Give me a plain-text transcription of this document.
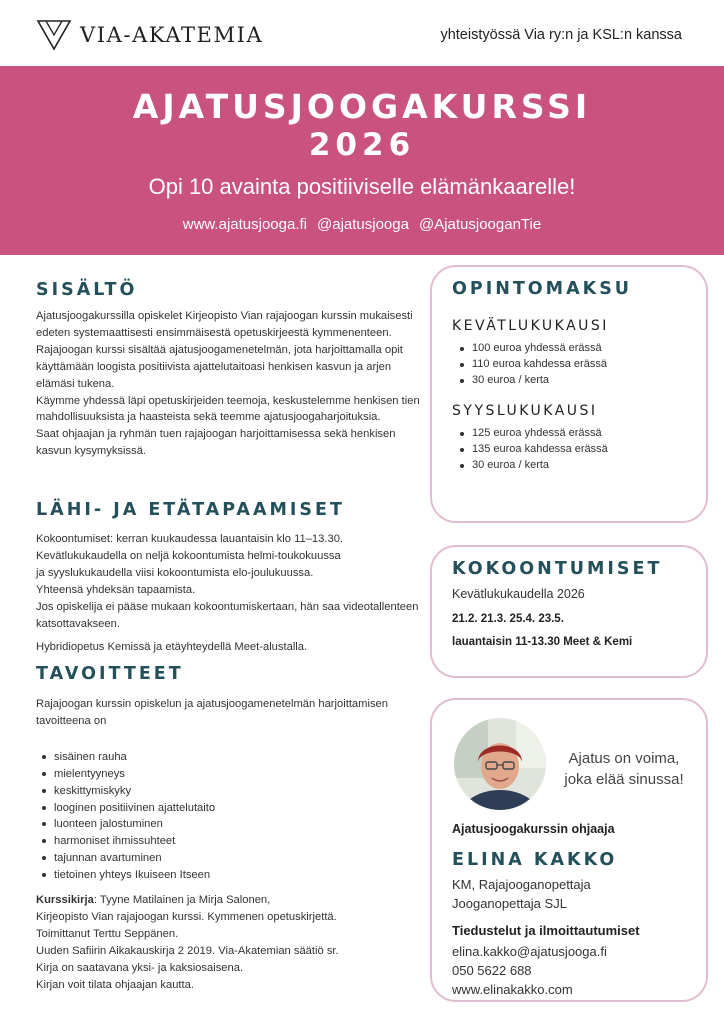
VIA-AKATEMIA	yhteistyössä Via ry:n ja KSL:n kanssa
AJATUSJOOGAKURSSI
2026
Opi 10 avainta positiiviselle elämänkaarelle!
www.ajatusjooga.fi @ajatusjooga @AjatusjooganTie
SISÄLTÖ

Ajatusjoogakurssilla opiskelet Kirjeopisto Vian rajajoogan kurssin mukaisesti edeten systemaattisesti ensimmäisestä opetuskirjeestä kymmenenteen.

Rajajoogan kurssi sisältää ajatusjoogamenetelmän, jota harjoittamalla opit käyttämään loogista positiivista ajattelutaitoasi henkisen kasvun ja arjen elämäsi tukena.

Käymme yhdessä läpi opetuskirjeiden teemoja, keskustelemme henkisen tien mahdollisuuksista ja haasteista sekä teemme ajatusjoogaharjoituksia.

Saat ohjaajan ja ryhmän tuen rajajoogan harjoittamisessa sekä henkisen kasvun kysymyksissä.

LÄHI- JA ETÄTAPAAMISET

Kokoontumiset: kerran kuukaudessa lauantaisin klo 11–13.30.

Kevätlukukaudella on neljä kokoontumista helmi-toukokuussa

ja syyslukukaudella viisi kokoontumista elo-joulukuussa.

Yhteensä yhdeksän tapaamista.

Jos opiskelija ei pääse mukaan kokoontumiskertaan, hän saa videotallenteen katsottavakseen.

Hybridiopetus Kemissä ja etäyhteydellä Meet-alustalla.

TAVOITTEET
Rajajoogan kurssin opiskelun ja ajatusjoogamenetelmän harjoittamisen tavoitteena on
sisäinen rauha
mielentyyneys
keskittymiskyky
looginen positiivinen ajattelutaito
luonteen jalostuminen
harmoniset ihmissuhteet
tajunnan avartuminen
tietoinen yhteys Ikuiseen Itseen

Kurssikirja: Tyyne Matilainen ja Mirja Salonen,

Kirjeopisto Vian rajajoogan kurssi. Kymmenen opetuskirjettä.

Toimittanut Terttu Seppänen.

Uuden Safiirin Aikakauskirja 2 2019. Via-Akatemian säätiö sr.

Kirja on saatavana yksi- ja kaksiosaisena.

Kirjan voit tilata ohjaajan kautta.

OPINTOMAKSU
KEVÄTLUKUKAUSI
100 euroa yhdessä erässä
110 euroa kahdessa erässä
30 euroa / kerta
SYYSLUKUKAUSI
125 euroa yhdessä erässä
135 euroa kahdessa erässä
30 euroa / kerta
KOKOONTUMISET
Kevätlukukaudella 2026
21.2. 21.3. 25.4. 23.5.
lauantaisin 11-13.30 Meet & Kemi
Ajatus on voima,
joka elää sinussa!
Ajatusjoogakurssin ohjaaja
ELINA KAKKO
KM, Rajajooganopettaja
Jooganopettaja SJL
Tiedustelut ja ilmoittautumiset
elina.kakko@ajatusjooga.fi
050 5622 688
www.elinakakko.com
